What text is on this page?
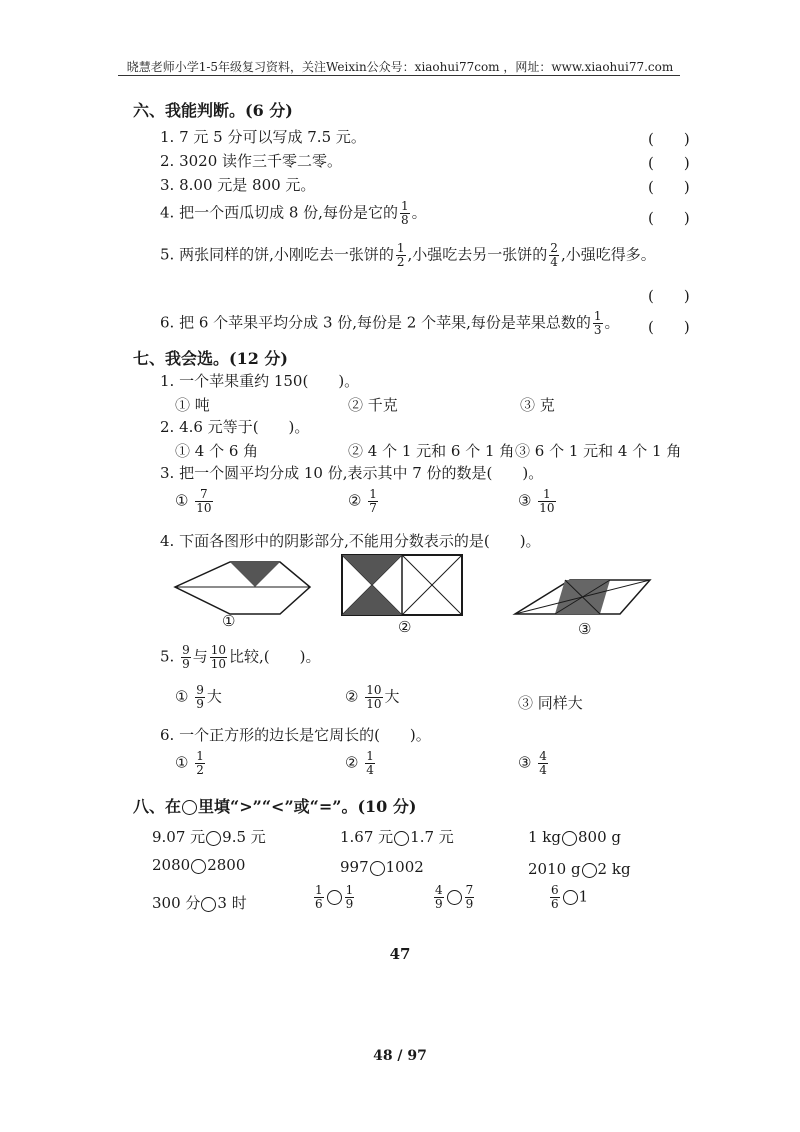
晓慧老师小学1-5年级复习资料，关注Weixin公众号：xiaohui77com ，网址：www.xiaohui77.com
六、我能判断。(6 分)
1. 7 元 5 分可以写成 7.5 元。	(　　)
2. 3020 读作三千零二零。	(　　)
3. 8.00 元是 800 元。	(　　)
4. 把一个西瓜切成 8 份,每份是它的 $\frac{1}{8}$ 。	(　　)
5. 两张同样的饼,小刚吃去一张饼的 $\frac{1}{2}$ ,小强吃去另一张饼的 $\frac{2}{4}$ ,小强吃得多。
(　　)
6. 把 6 个苹果平均分成 3 份,每份是 2 个苹果,每份是苹果总数的 $\frac{1}{3}$ 。 (　　)
七、我会选。(12 分)
1. 一个苹果重约 150(　　)。
① 吨	② 千克	③ 克
2. 4.6 元等于(　　)。
① 4 个 6 角	② 4 个 1 元和 6 个 1 角 ③ 6 个 1 元和 4 个 1 角
3. 把一个圆平均分成 10 份,表示其中 7 份的数是(　　)。
① $\frac{7}{10}$	② $\frac{1}{7}$	③ $\frac{1}{10}$
4. 下面各图形中的阴影部分,不能用分数表示的是(　　)。
①	②	③
5. $\frac{9}{9}$ 与 $\frac{10}{10}$ 比较,(　　)。
① $\frac{9}{9}$ 大	② $\frac{10}{10}$ 大	③ 同样大
6. 一个正方形的边长是它周长的(　　)。
① $\frac{1}{2}$	② $\frac{1}{4}$	③ $\frac{4}{4}$
八、在 里填“>”“<”或“=”。(10 分)
9.07 元 9.5 元	1.67 元 1.7 元	1 kg 800 g
2080 2800	997 1002	2010 g 2 kg
300 分 3 时	$\frac{1}{6} \frac{1}{9}$	$\frac{4}{9} \frac{7}{9}$	$\frac{6}{6} 1$
47
48 / 97
